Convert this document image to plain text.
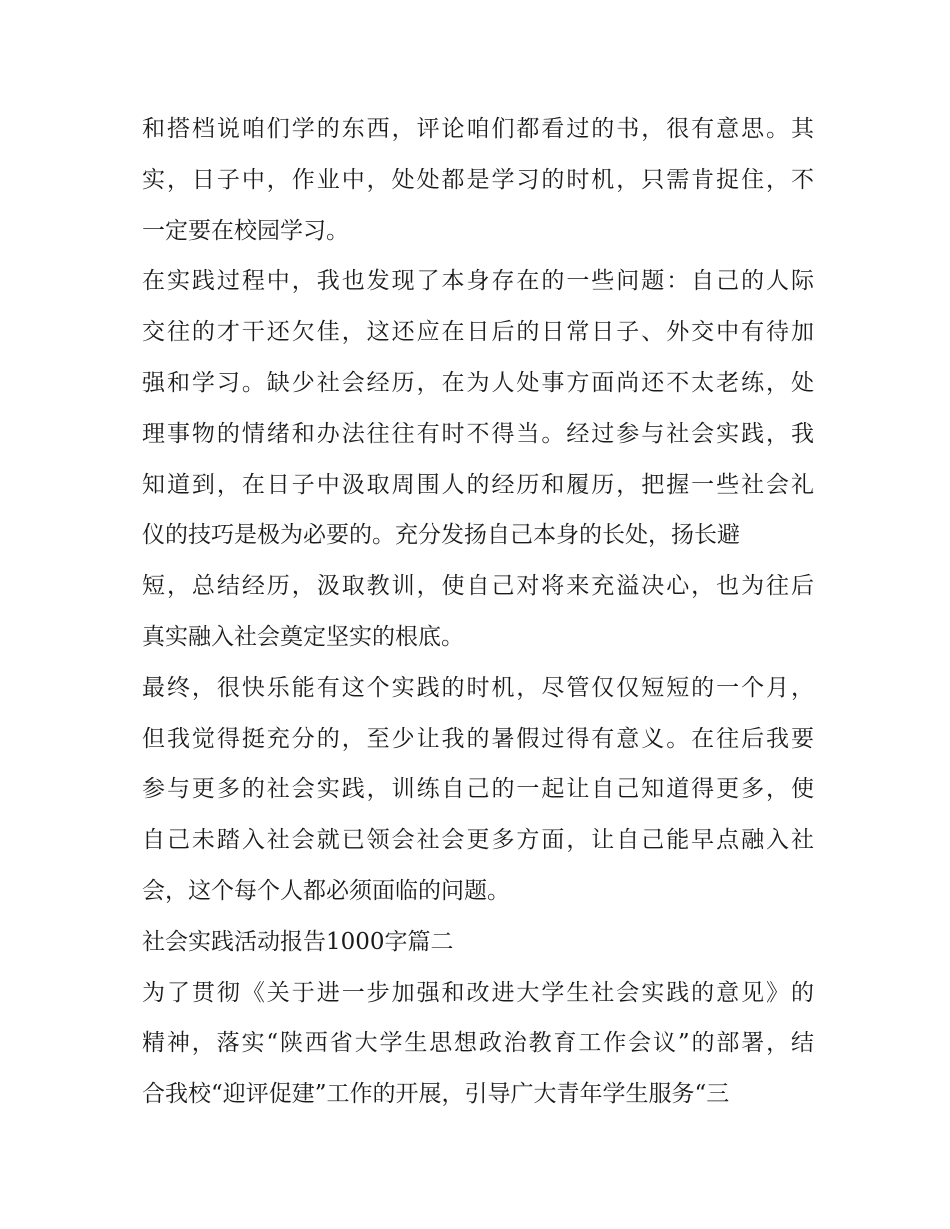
和搭档说咱们学的东西，评论咱们都看过的书，很有意思。其
实，日子中，作业中，处处都是学习的时机，只需肯捉住，不
一定要在校园学习。
在实践过程中，我也发现了本身存在的一些问题：自己的人际
交往的才干还欠佳，这还应在日后的日常日子、外交中有待加
强和学习。缺少社会经历，在为人处事方面尚还不太老练，处
理事物的情绪和办法往往有时不得当。经过参与社会实践，我
知道到，在日子中汲取周围人的经历和履历，把握一些社会礼
仪的技巧是极为必要的。充分发扬自己本身的长处，扬长避
短，总结经历，汲取教训，使自己对将来充溢决心，也为往后
真实融入社会奠定坚实的根底。
最终，很快乐能有这个实践的时机，尽管仅仅短短的一个月，
但我觉得挺充分的，至少让我的暑假过得有意义。在往后我要
参与更多的社会实践，训练自己的一起让自己知道得更多，使
自己未踏入社会就已领会社会更多方面，让自己能早点融入社
会，这个每个人都必须面临的问题。
社会实践活动报告1000字篇二
为了贯彻《关于进一步加强和改进大学生社会实践的意见》的
精神，落实“陕西省大学生思想政治教育工作会议”的部署，结
合我校“迎评促建”工作的开展，引导广大青年学生服务“三
